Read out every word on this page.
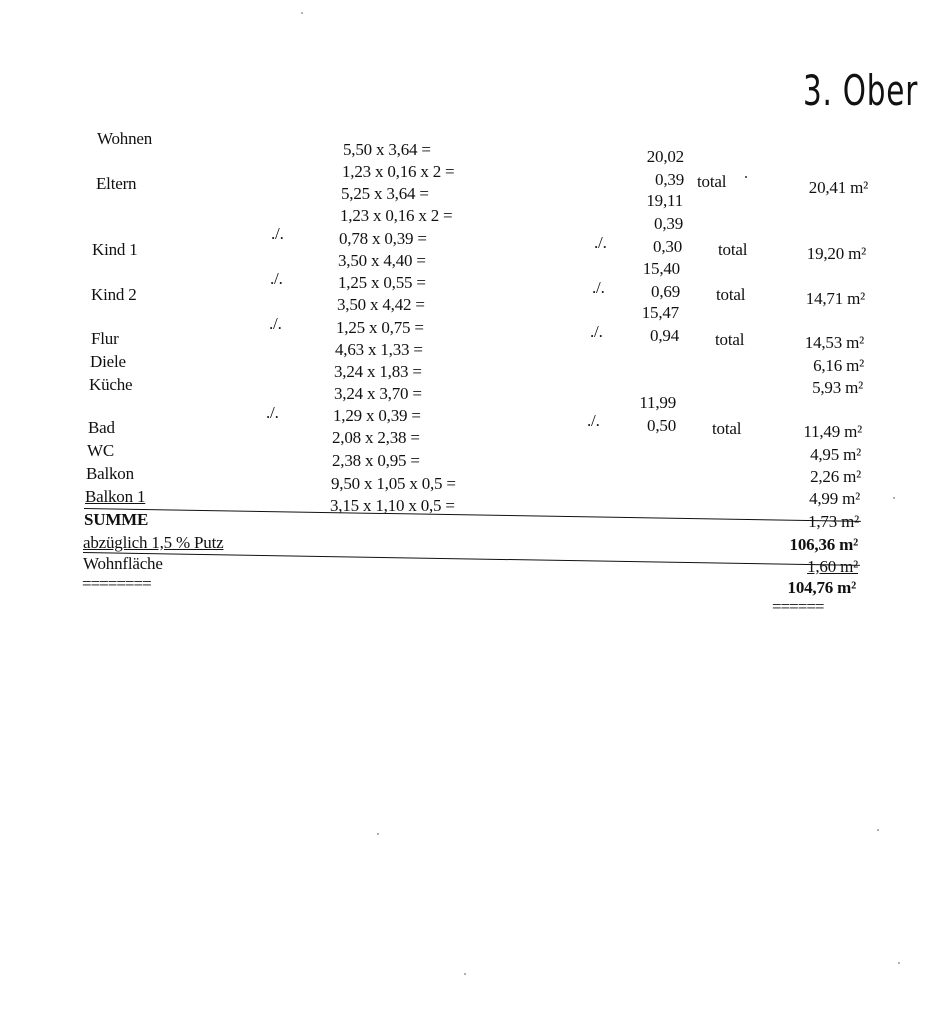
3. Ober
Wohnen
Eltern
Kind 1
Kind 2
Flur
Diele
Küche
Bad
WC
Balkon
Balkon 1
./.
./.
./.
./.
5,50 x 3,64 =
1,23 x 0,16 x 2 =
5,25 x 3,64 =
1,23 x 0,16 x 2 =
0,78 x 0,39 =
3,50 x 4,40 =
1,25 x 0,55 =
3,50 x 4,42 =
1,25 x 0,75 =
4,63 x 1,33 =
3,24 x 1,83 =
3,24 x 3,70 =
1,29 x 0,39 =
2,08 x 2,38 =
2,38 x 0,95 =
9,50 x 1,05 x 0,5 =
3,15 x 1,10 x 0,5 =
./.
./.
./.
./.
20,02
0,39
19,11
0,39
0,30
15,40
0,69
15,47
0,94
11,99
0,50
total
total
total
total
total
20,41 m²
19,20 m²
14,71 m²
14,53 m²
6,16 m²
5,93 m²
11,49 m²
4,95 m²
2,26 m²
4,99 m²
1,73 m²
SUMME
abzüglich 1,5 % Putz
Wohnfläche
========
106,36 m²
1,60 m²
104,76 m²
======
